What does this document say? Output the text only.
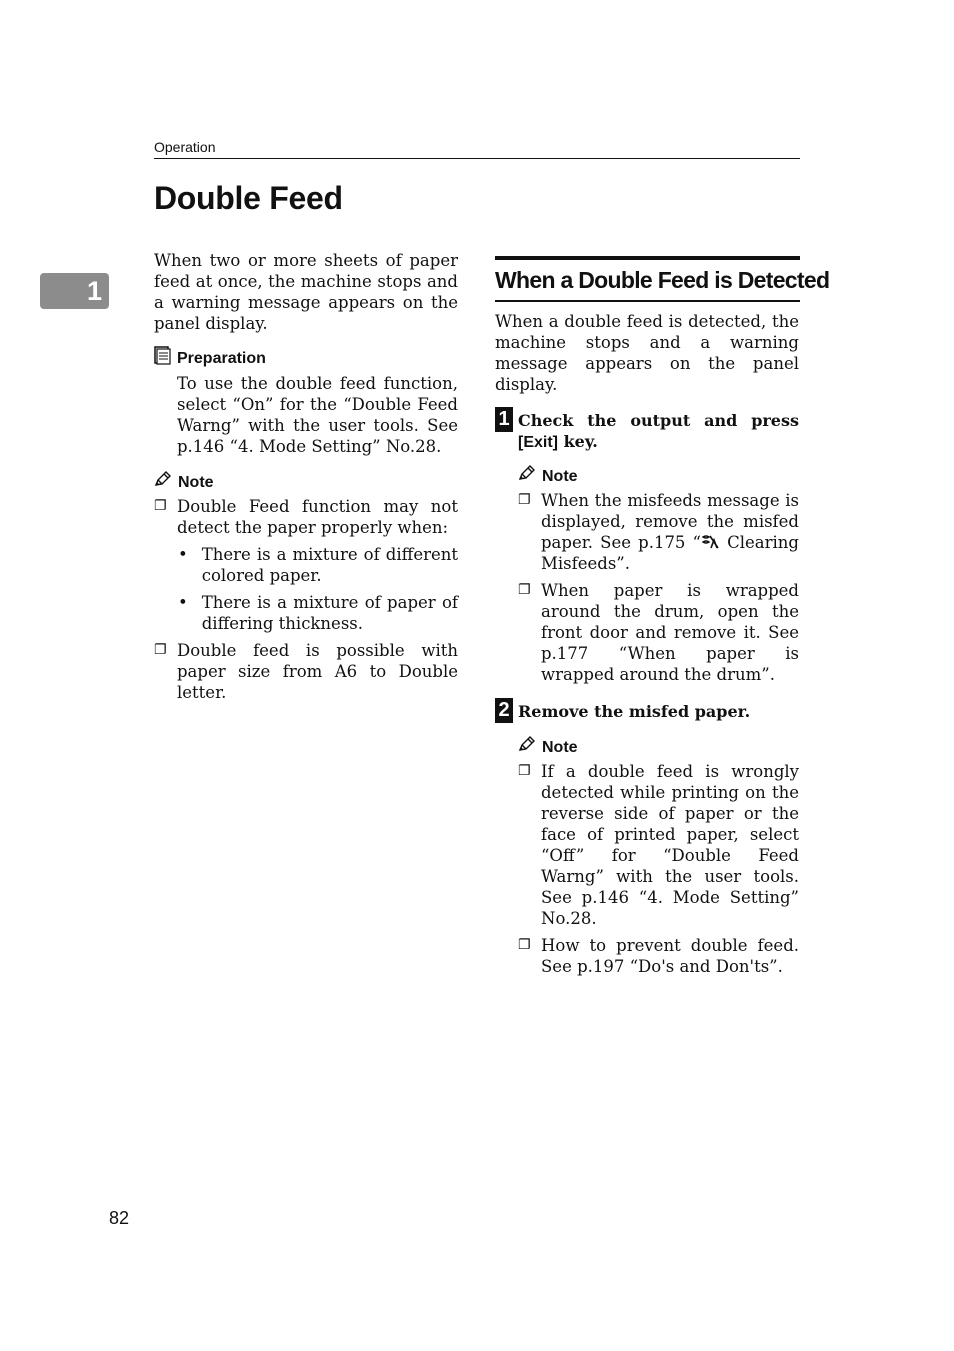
Operation
1
Double Feed
When two or more sheets of paper feed at once, the machine stops and a warning message appears on the panel display.
Preparation
To use the double feed function, select “On” for the “Double Feed Warng” with the user tools. See p.146 “4. Mode Setting” No.28.
Note
❐ Double Feed function may not detect the paper properly when:
• There is a mixture of different colored paper.
• There is a mixture of paper of differing thickness.
❐ Double feed is possible with paper size from A6 to Double letter.
When a Double Feed is Detected
When a double feed is detected, the machine stops and a warning message appears on the panel display.
1 Check the output and press [Exit] key.
Note
❐ When the misfeeds message is displayed, remove the misfed paper. See p.175 “ Clearing Misfeeds”.
❐ When paper is wrapped around the drum, open the front door and remove it. See p.177 “When paper is wrapped around the drum”.
2 Remove the misfed paper.
Note
❐ If a double feed is wrongly detected while printing on the reverse side of paper or the face of printed paper, select “Off” for “Double Feed Warng” with the user tools. See p.146 “4. Mode Setting” No.28.
❐ How to prevent double feed. See p.197 “Do's and Don'ts”.
82
